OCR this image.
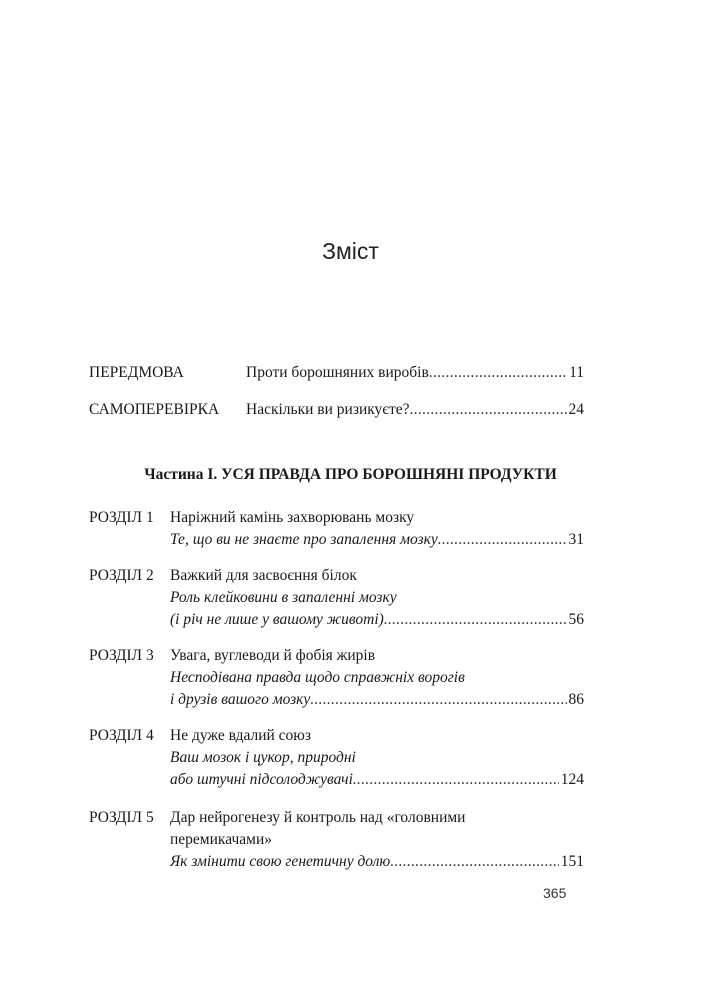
Зміст
ПЕРЕДМОВА	Проти борошняних виробів .....	11
САМОПЕРЕВІРКА Наскільки ви ризикуєте? .....	24
Частина І. УСЯ ПРАВДА ПРО БОРОШНЯНІ ПРОДУКТИ
РОЗДІЛ 1 Наріжний камінь захворювань мозку
Те, що ви не знаєте про запалення мозку .....	31
РОЗДІЛ 2 Важкий для засвоєння білок
Роль клейковини в запаленні мозку
(і річ не лише у вашому животі) .....	56
РОЗДІЛ 3 Увага, вуглеводи й фобія жирів
Несподівана правда щодо справжніх ворогів
і друзів вашого мозку .....	86
РОЗДІЛ 4 Не дуже вдалий союз
Ваш мозок і цукор, природні
або штучні підсолоджувачі .....	124
РОЗДІЛ 5 Дар нейрогенезу й контроль над «головними
перемикачами»
Як змінити свою генетичну долю .....	151
365
